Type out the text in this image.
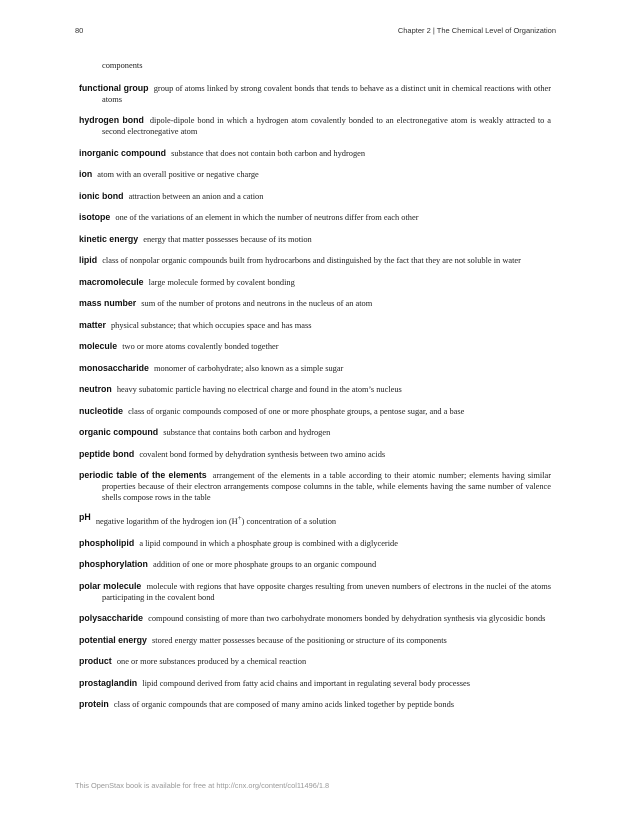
80	Chapter 2 | The Chemical Level of Organization
components
functional group group of atoms linked by strong covalent bonds that tends to behave as a distinct unit in chemical reactions with other atoms
hydrogen bond dipole-dipole bond in which a hydrogen atom covalently bonded to an electronegative atom is weakly attracted to a second electronegative atom
inorganic compound substance that does not contain both carbon and hydrogen
ion atom with an overall positive or negative charge
ionic bond attraction between an anion and a cation
isotope one of the variations of an element in which the number of neutrons differ from each other
kinetic energy energy that matter possesses because of its motion
lipid class of nonpolar organic compounds built from hydrocarbons and distinguished by the fact that they are not soluble in water
macromolecule large molecule formed by covalent bonding
mass number sum of the number of protons and neutrons in the nucleus of an atom
matter physical substance; that which occupies space and has mass
molecule two or more atoms covalently bonded together
monosaccharide monomer of carbohydrate; also known as a simple sugar
neutron heavy subatomic particle having no electrical charge and found in the atom’s nucleus
nucleotide class of organic compounds composed of one or more phosphate groups, a pentose sugar, and a base
organic compound substance that contains both carbon and hydrogen
peptide bond covalent bond formed by dehydration synthesis between two amino acids
periodic table of the elements arrangement of the elements in a table according to their atomic number; elements having similar properties because of their electron arrangements compose columns in the table, while elements having the same number of valence shells compose rows in the table
pH negative logarithm of the hydrogen ion (H+) concentration of a solution
phospholipid a lipid compound in which a phosphate group is combined with a diglyceride
phosphorylation addition of one or more phosphate groups to an organic compound
polar molecule molecule with regions that have opposite charges resulting from uneven numbers of electrons in the nuclei of the atoms participating in the covalent bond
polysaccharide compound consisting of more than two carbohydrate monomers bonded by dehydration synthesis via glycosidic bonds
potential energy stored energy matter possesses because of the positioning or structure of its components
product one or more substances produced by a chemical reaction
prostaglandin lipid compound derived from fatty acid chains and important in regulating several body processes
protein class of organic compounds that are composed of many amino acids linked together by peptide bonds
This OpenStax book is available for free at http://cnx.org/content/col11496/1.8
